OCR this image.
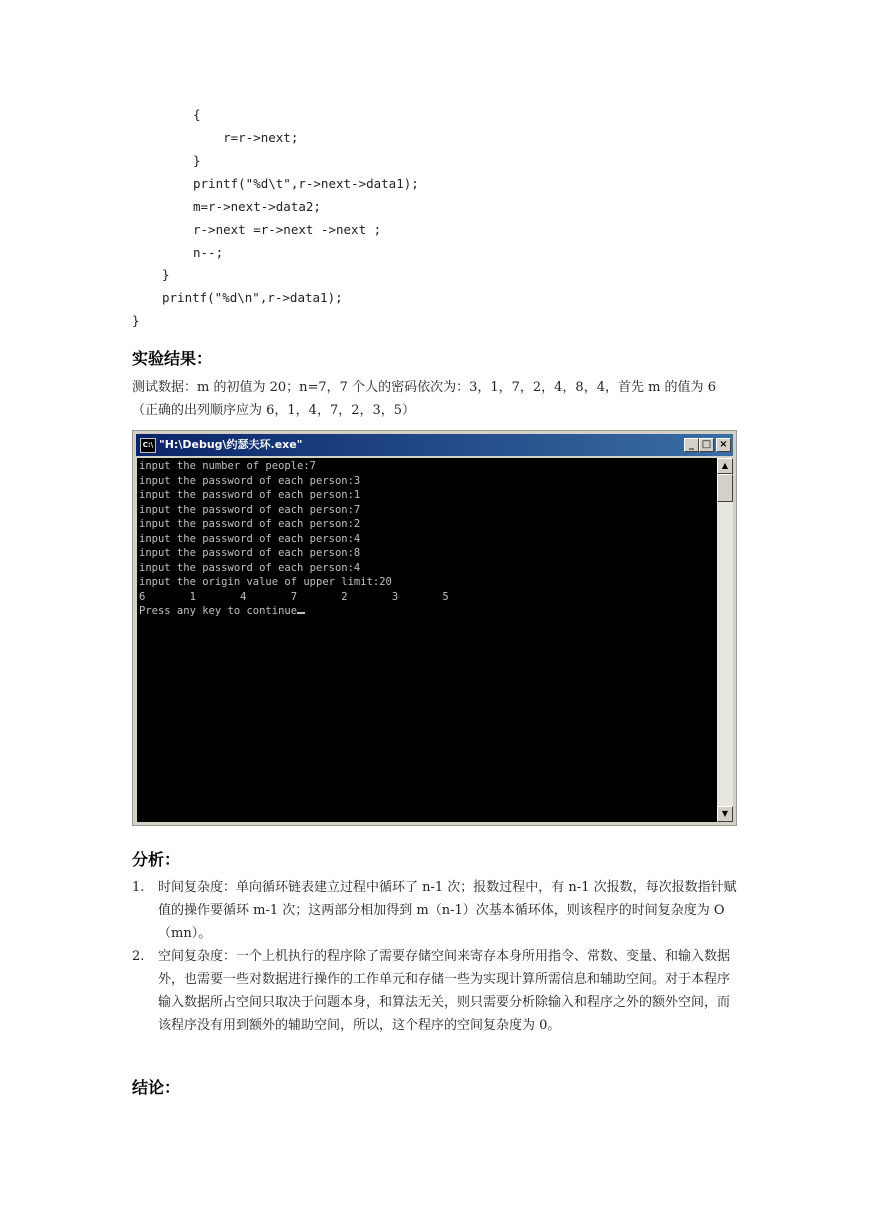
{
r=r->next;
}
printf("%d\t",r->next->data1);
m=r->next->data2;
r->next =r->next ->next ;
n--;
}
printf("%d\n",r->data1);
}
实验结果：
测试数据：m 的初值为 20；n=7，7 个人的密码依次为：3，1，7，2，4，8，4，首先 m 的值为 6（正确的出列顺序应为 6，1，4，7，2，3，5）
C:\ "H:\Debug\约瑟夫环.exe"	_ □ ×
input the number of people:7
input the password of each person:3
input the password of each person:1
input the password of each person:7
input the password of each person:2
input the password of each person:4
input the password of each person:8
input the password of each person:4
input the origin value of upper limit:20
6       1       4       7       2       3       5
Press any key to continue
▲
▼
分析：
1. 时间复杂度：单向循环链表建立过程中循环了 n-1 次；报数过程中，有 n-1 次报数，每次报数指针赋值的操作要循环 m-1 次；这两部分相加得到 m（n-1）次基本循环体，则该程序的时间复杂度为 O（mn）。
2. 空间复杂度：一个上机执行的程序除了需要存储空间来寄存本身所用指令、常数、变量、和输入数据外，也需要一些对数据进行操作的工作单元和存储一些为实现计算所需信息和辅助空间。对于本程序输入数据所占空间只取决于问题本身，和算法无关，则只需要分析除输入和程序之外的额外空间，而该程序没有用到额外的辅助空间，所以，这个程序的空间复杂度为 0。
结论：
